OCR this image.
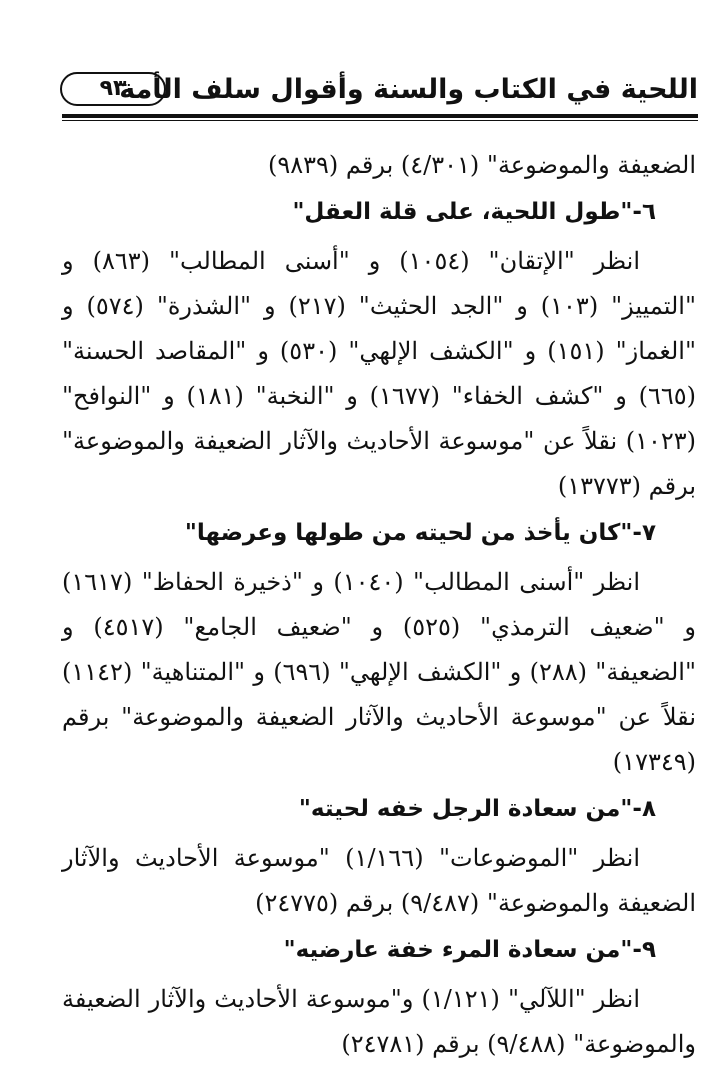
اللحية في الكتاب والسنة وأقوال سلف الأمة
٩٣

الضعيفة والموضوعة" (٤/٣٠١) برقم (٩٨٣٩)

٦-"طول اللحية، على قلة العقل"

انظر "الإتقان" (١٠٥٤) و "أسنى المطالب" (٨٦٣) و "التمييز" (١٠٣) و "الجد الحثيث" (٢١٧) و "الشذرة" (٥٧٤) و "الغماز" (١٥١) و "الكشف الإلهي" (٥٣٠) و "المقاصد الحسنة" (٦٦٥) و "كشف الخفاء" (١٦٧٧) و "النخبة" (١٨١) و "النوافح" (١٠٢٣) نقلاً عن "موسوعة الأحاديث والآثار الضعيفة والموضوعة" برقم (١٣٧٧٣)

٧-"كان يأخذ من لحيته من طولها وعرضها"

انظر "أسنى المطالب" (١٠٤٠) و "ذخيرة الحفاظ" (١٦١٧) و "ضعيف الترمذي" (٥٢٥) و "ضعيف الجامع" (٤٥١٧) و "الضعيفة" (٢٨٨) و "الكشف الإلهي" (٦٩٦) و "المتناهية" (١١٤٢) نقلاً عن "موسوعة الأحاديث والآثار الضعيفة والموضوعة" برقم (١٧٣٤٩)

٨-"من سعادة الرجل خفه لحيته"

انظر "الموضوعات" (١/١٦٦) "موسوعة الأحاديث والآثار الضعيفة والموضوعة" (٩/٤٨٧) برقم (٢٤٧٧٥)

٩-"من سعادة المرء خفة عارضيه"

انظر "اللآلي" (١/١٢١) و"موسوعة الأحاديث والآثار الضعيفة والموضوعة" (٩/٤٨٨) برقم (٢٤٧٨١)
